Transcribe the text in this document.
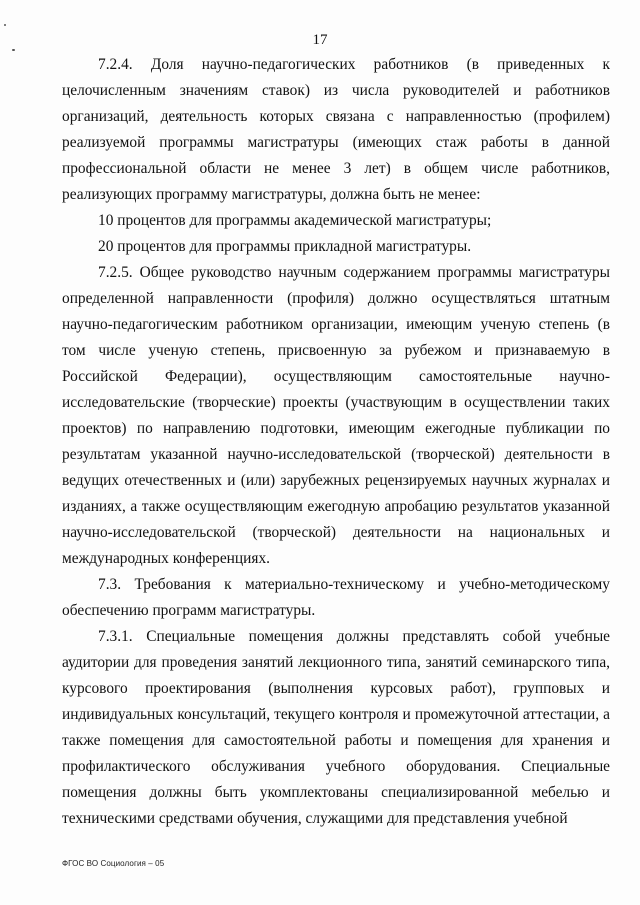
17

7.2.4. Доля научно-педагогических работников (в приведенных к целочисленным значениям ставок) из числа руководителей и работников организаций, деятельность которых связана с направленностью (профилем) реализуемой программы магистратуры (имеющих стаж работы в данной профессиональной области не менее 3 лет) в общем числе работников, реализующих программу магистратуры, должна быть не менее:

10 процентов для программы академической магистратуры;

20 процентов для программы прикладной магистратуры.

7.2.5. Общее руководство научным содержанием программы магистратуры определенной направленности (профиля) должно осуществляться штатным научно-педагогическим работником организации, имеющим ученую степень (в том числе ученую степень, присвоенную за рубежом и признаваемую в Российской Федерации), осуществляющим самостоятельные научно-исследовательские (творческие) проекты (участвующим в осуществлении таких проектов) по направлению подготовки, имеющим ежегодные публикации по результатам указанной научно-исследовательской (творческой) деятельности в ведущих отечественных и (или) зарубежных рецензируемых научных журналах и изданиях, а также осуществляющим ежегодную апробацию результатов указанной научно-исследовательской (творческой) деятельности на национальных и международных конференциях.

7.3. Требования к материально-техническому и учебно-методическому обеспечению программ магистратуры.

7.3.1. Специальные помещения должны представлять собой учебные аудитории для проведения занятий лекционного типа, занятий семинарского типа, курсового проектирования (выполнения курсовых работ), групповых и индивидуальных консультаций, текущего контроля и промежуточной аттестации, а также помещения для самостоятельной работы и помещения для хранения и профилактического обслуживания учебного оборудования. Специальные помещения должны быть укомплектованы специализированной мебелью и техническими средствами обучения, служащими для представления учебной

ФГОС ВО Социология – 05
